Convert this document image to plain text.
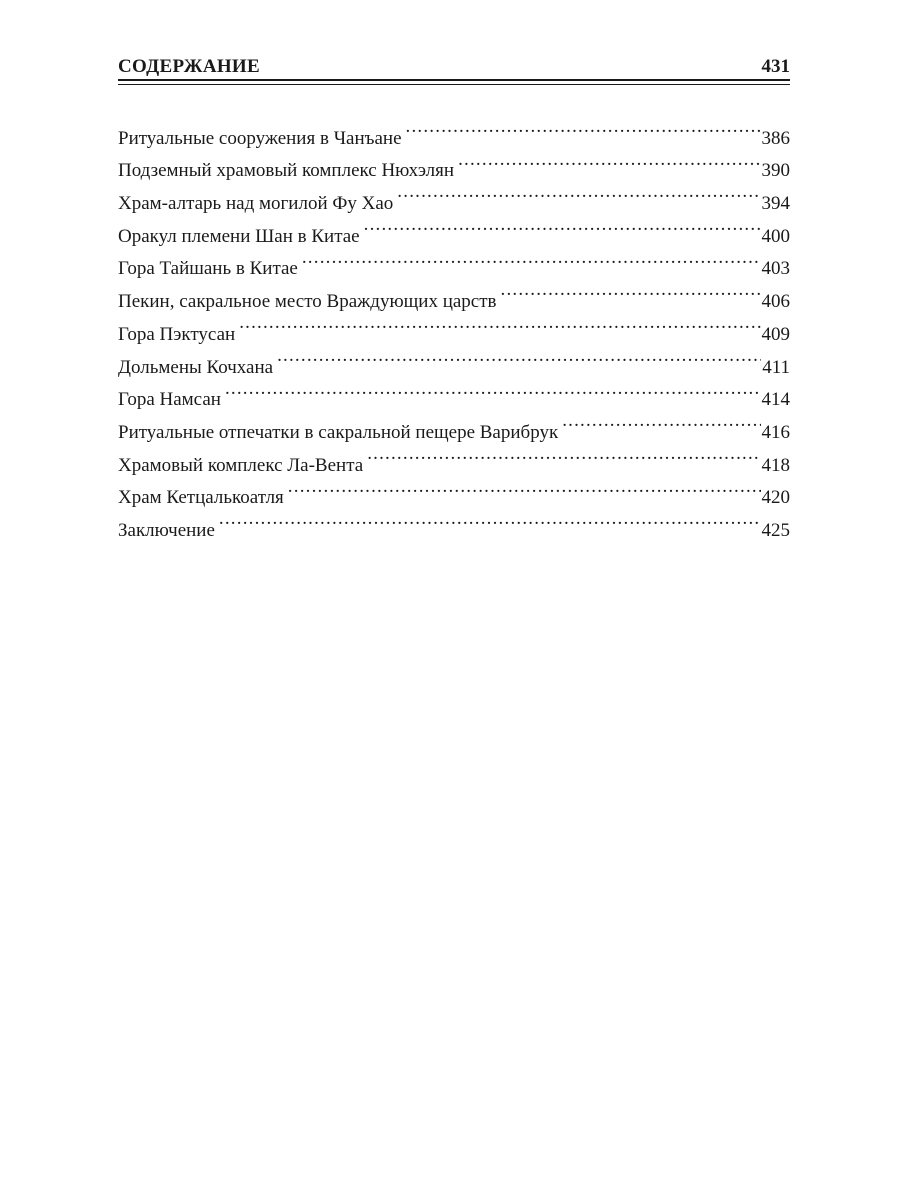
СОДЕРЖАНИЕ	431
Ритуальные сооружения в Чанъане .....	386
Подземный храмовый комплекс Нюхэлян .....	390
Храм-алтарь над могилой Фу Хао .....	394
Оракул племени Шан в Китае .....	400
Гора Тайшань в Китае .....	403
Пекин, сакральное место Враждующих царств .....	406
Гора Пэктусан .....	409
Дольмены Кочхана .....	411
Гора Намсан .....	414
Ритуальные отпечатки в сакральной пещере Варибрук .....	416
Храмовый комплекс Ла-Вента .....	418
Храм Кетцалькоатля .....	420
Заключение .....	425
